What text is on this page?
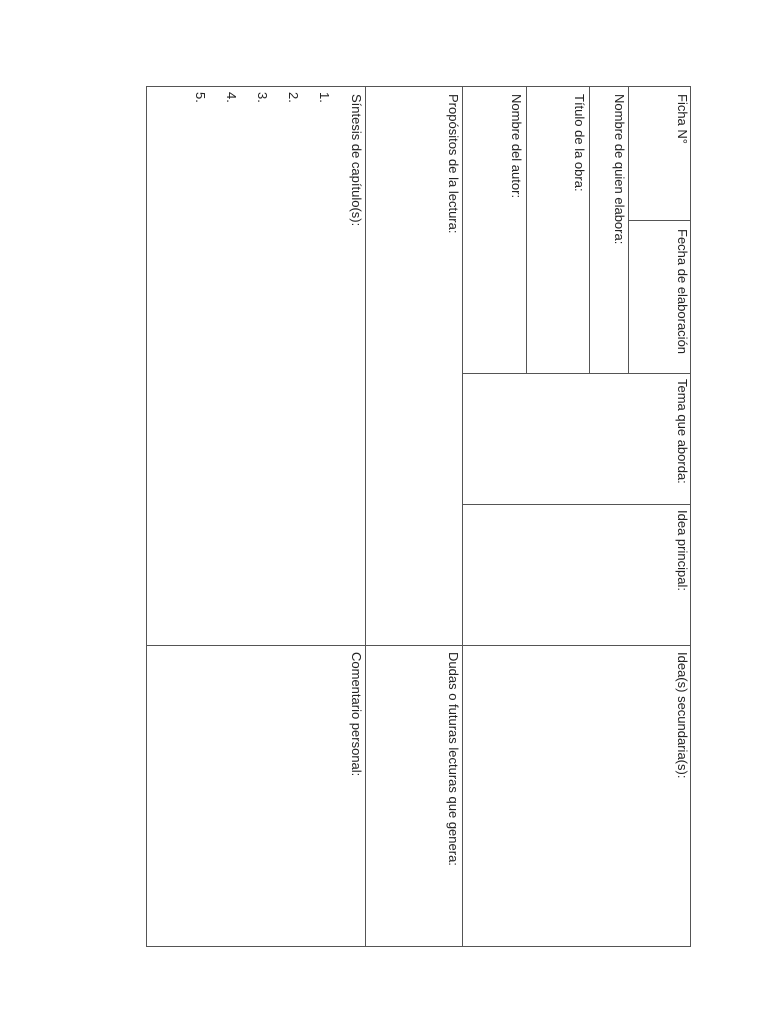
Ficha N°
Fecha de elaboración
Tema que aborda:
Idea principal:
Idea(s) secundaria(s):
Nombre de quien elabora:
Título de la obra:
Nombre del autor:
Propósitos de la lectura:
Dudas o futuras lecturas que genera:
Síntesis de capítulo(s):
Comentario personal:
1.
2.
3.
4.
5.
